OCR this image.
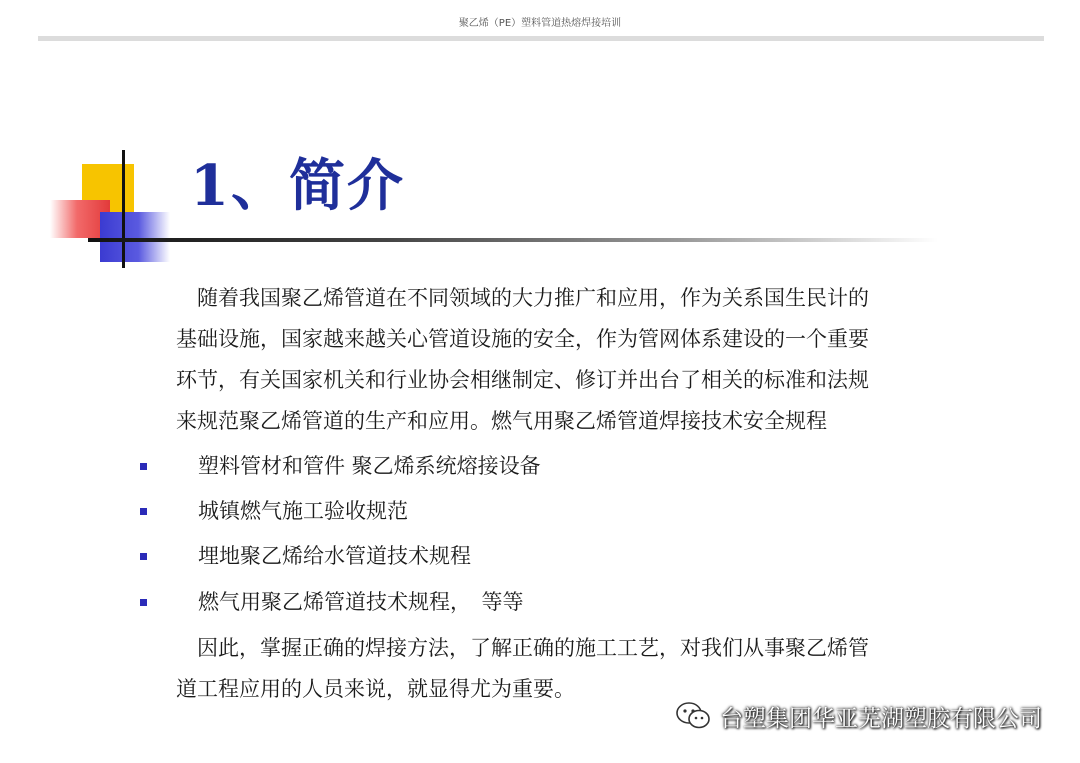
聚乙烯（PE）塑料管道热熔焊接培训
1、简介

　随着我国聚乙烯管道在不同领域的大力推广和应用，作为关系国生民计的
基础设施，国家越来越关心管道设施的安全，作为管网体系建设的一个重要
环节，有关国家机关和行业协会相继制定、修订并出台了相关的标准和法规
来规范聚乙烯管道的生产和应用。燃气用聚乙烯管道焊接技术安全规程

塑料管材和管件 聚乙烯系统熔接设备
城镇燃气施工验收规范
埋地聚乙烯给水管道技术规程
燃气用聚乙烯管道技术规程，　等等

　因此，掌握正确的焊接方法，了解正确的施工工艺，对我们从事聚乙烯管
道工程应用的人员来说，就显得尤为重要。

台塑集团华亚芜湖塑胶有限公司
